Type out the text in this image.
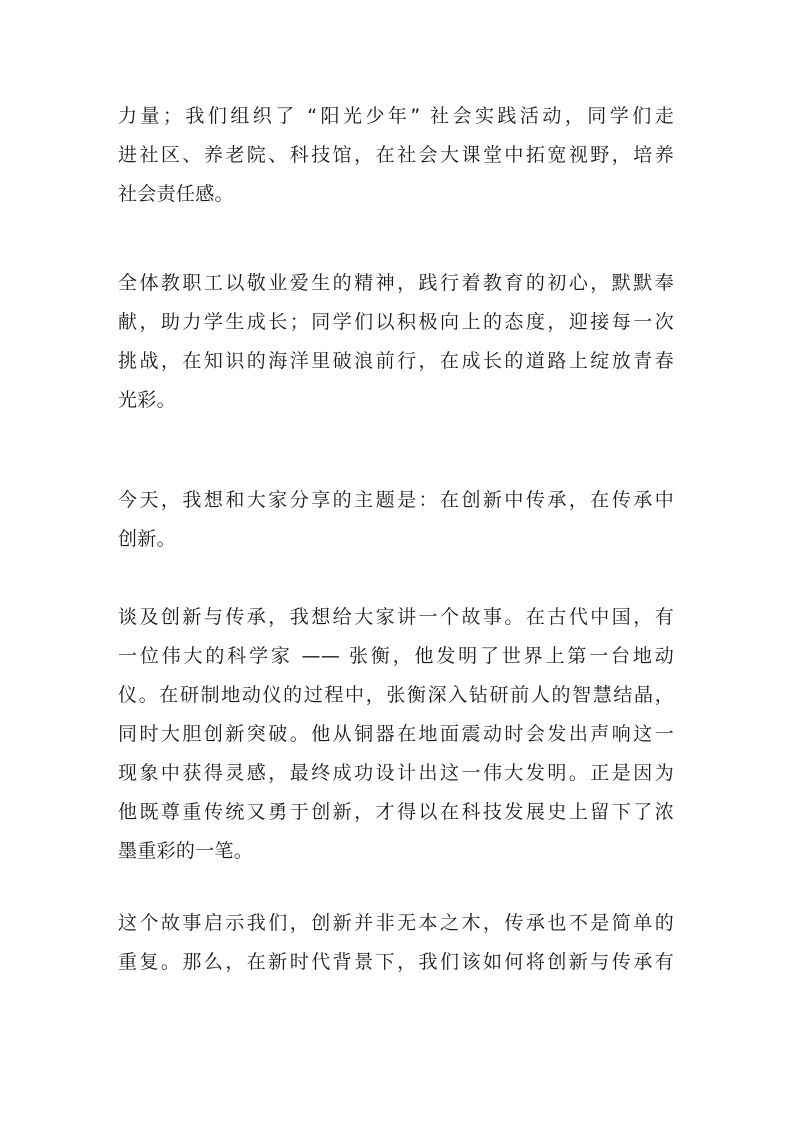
力量；我们组织了 “阳光少年” 社会实践活动，同学们走
进社区、养老院、科技馆，在社会大课堂中拓宽视野，培养
社会责任感。
全体教职工以敬业爱生的精神，践行着教育的初心，默默奉
献，助力学生成长；同学们以积极向上的态度，迎接每一次
挑战，在知识的海洋里破浪前行，在成长的道路上绽放青春
光彩。
今天，我想和大家分享的主题是：在创新中传承，在传承中
创新。
谈及创新与传承，我想给大家讲一个故事。在古代中国，有
一位伟大的科学家 —— 张衡，他发明了世界上第一台地动
仪。在研制地动仪的过程中，张衡深入钻研前人的智慧结晶，
同时大胆创新突破。他从铜器在地面震动时会发出声响这一
现象中获得灵感，最终成功设计出这一伟大发明。正是因为
他既尊重传统又勇于创新，才得以在科技发展史上留下了浓
墨重彩的一笔。
这个故事启示我们，创新并非无本之木，传承也不是简单的
重复。那么，在新时代背景下，我们该如何将创新与传承有
